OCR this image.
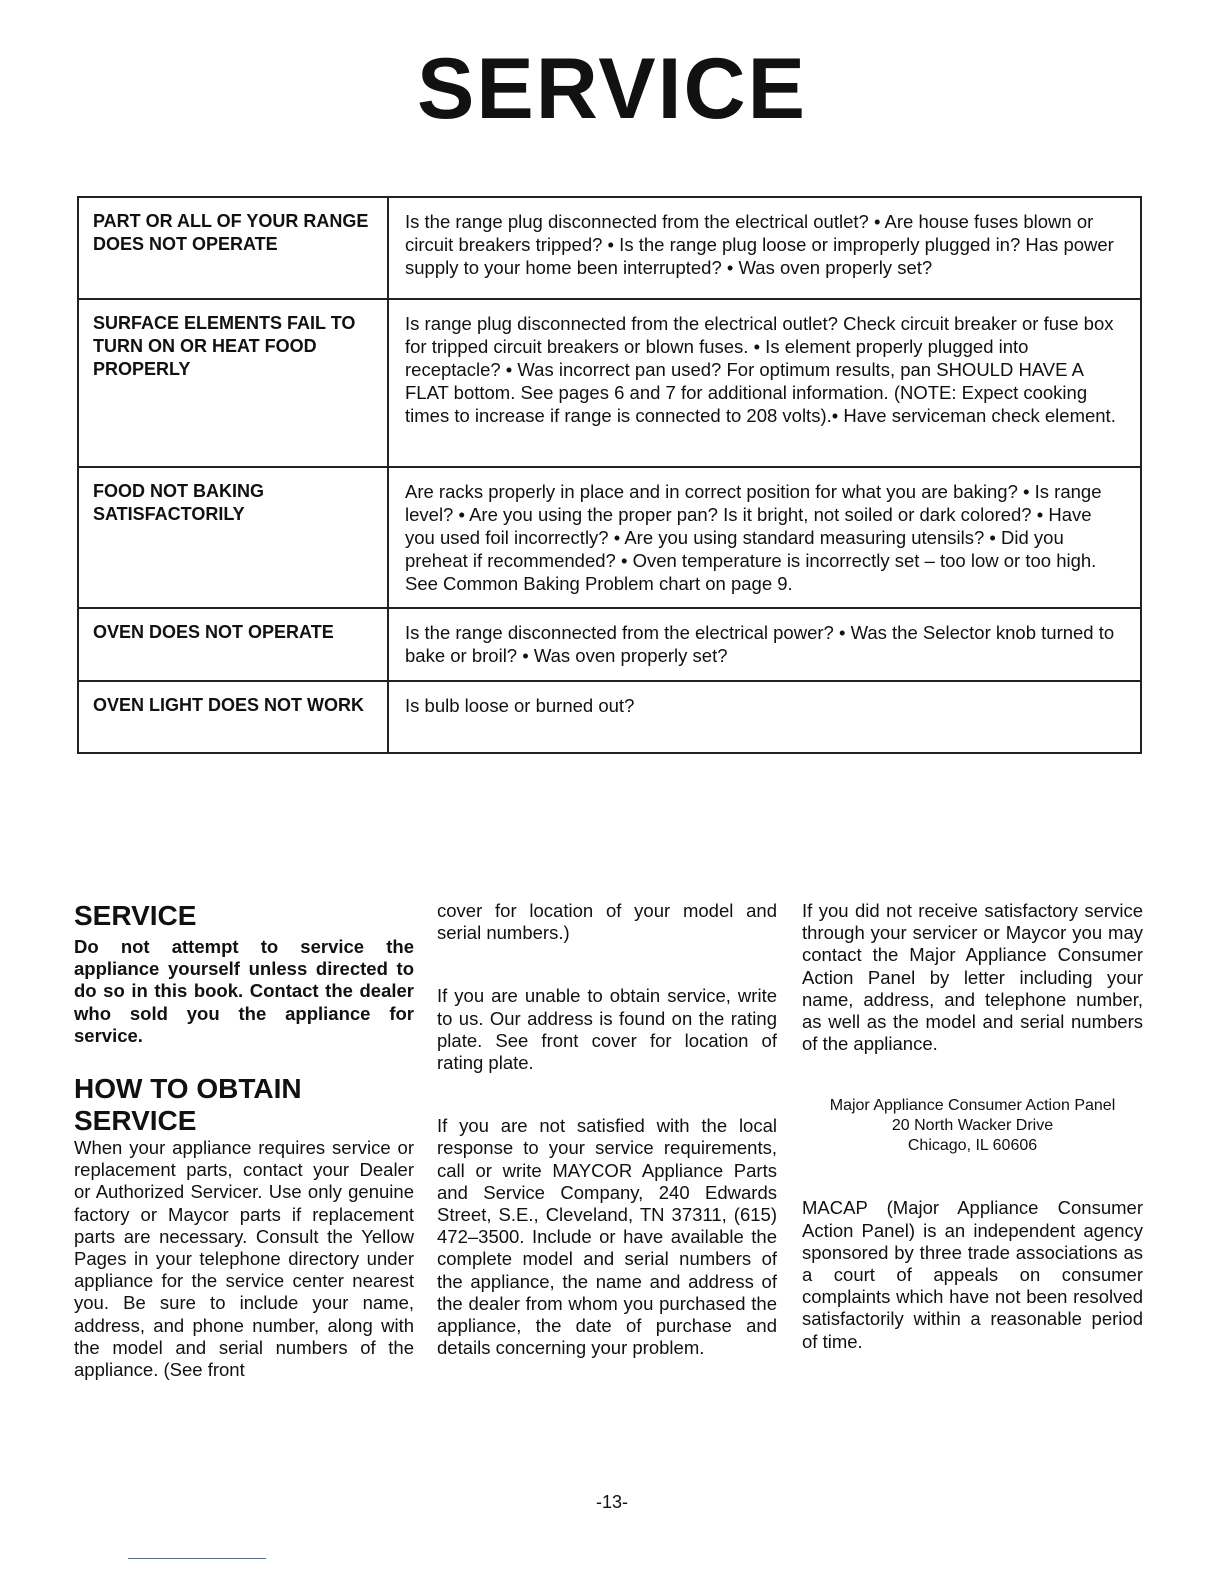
SERVICE
PART OR ALL OF YOUR RANGE DOES NOT OPERATE	Is the range plug disconnected from the electrical outlet? • Are house fuses blown or circuit breakers tripped? • Is the range plug loose or improperly plugged in? Has power supply to your home been interrupted? • Was oven properly set?
SURFACE ELEMENTS FAIL TO TURN ON OR HEAT FOOD PROPERLY	Is range plug disconnected from the electrical outlet? Check circuit breaker or fuse box for tripped circuit breakers or blown fuses. • Is element properly plugged into receptacle? • Was incorrect pan used? For optimum results, pan SHOULD HAVE A FLAT bottom. See pages 6 and 7 for additional information. (NOTE: Expect cooking times to increase if range is connected to 208 volts).• Have serviceman check element.
FOOD NOT BAKING SATISFACTORILY	Are racks properly in place and in correct position for what you are baking? • Is range level? • Are you using the proper pan? Is it bright, not soiled or dark colored? • Have you used foil incorrectly? • Are you using standard measuring utensils? • Did you preheat if recommended? • Oven temperature is incorrectly set – too low or too high. See Common Baking Problem chart on page 9.
OVEN DOES NOT OPERATE	Is the range disconnected from the electrical power? • Was the Selector knob turned to bake or broil? • Was oven properly set?
OVEN LIGHT DOES NOT WORK	Is bulb loose or burned out?
SERVICE

Do not attempt to service the appliance yourself unless directed to do so in this book. Contact the dealer who sold you the appliance for service.

HOW TO OBTAIN
SERVICE

When your appliance requires service or replacement parts, contact your Dealer or Authorized Servicer. Use only genuine factory or Maycor parts if replacement parts are necessary. Consult the Yellow Pages in your telephone directory under appliance for the service center nearest you. Be sure to include your name, address, and phone number, along with the model and serial numbers of the appliance. (See front

cover for location of your model and serial numbers.)

If you are unable to obtain service, write to us. Our address is found on the rating plate. See front cover for location of rating plate.

If you are not satisfied with the local response to your service requirements, call or write MAYCOR Appliance Parts and Service Company, 240 Edwards Street, S.E., Cleveland, TN 37311, (615) 472–3500. Include or have available the complete model and serial numbers of the appliance, the name and address of the dealer from whom you purchased the appliance, the date of purchase and details concerning your problem.

If you did not receive satisfactory service through your servicer or Maycor you may contact the Major Appliance Consumer Action Panel by letter including your name, address, and telephone number, as well as the model and serial numbers of the appliance.

Major Appliance Consumer Action Panel

20 North Wacker Drive

Chicago, IL 60606

MACAP (Major Appliance Consumer Action Panel) is an independent agency sponsored by three trade associations as a court of appeals on consumer complaints which have not been resolved satisfactorily within a reasonable period of time.

-13-
